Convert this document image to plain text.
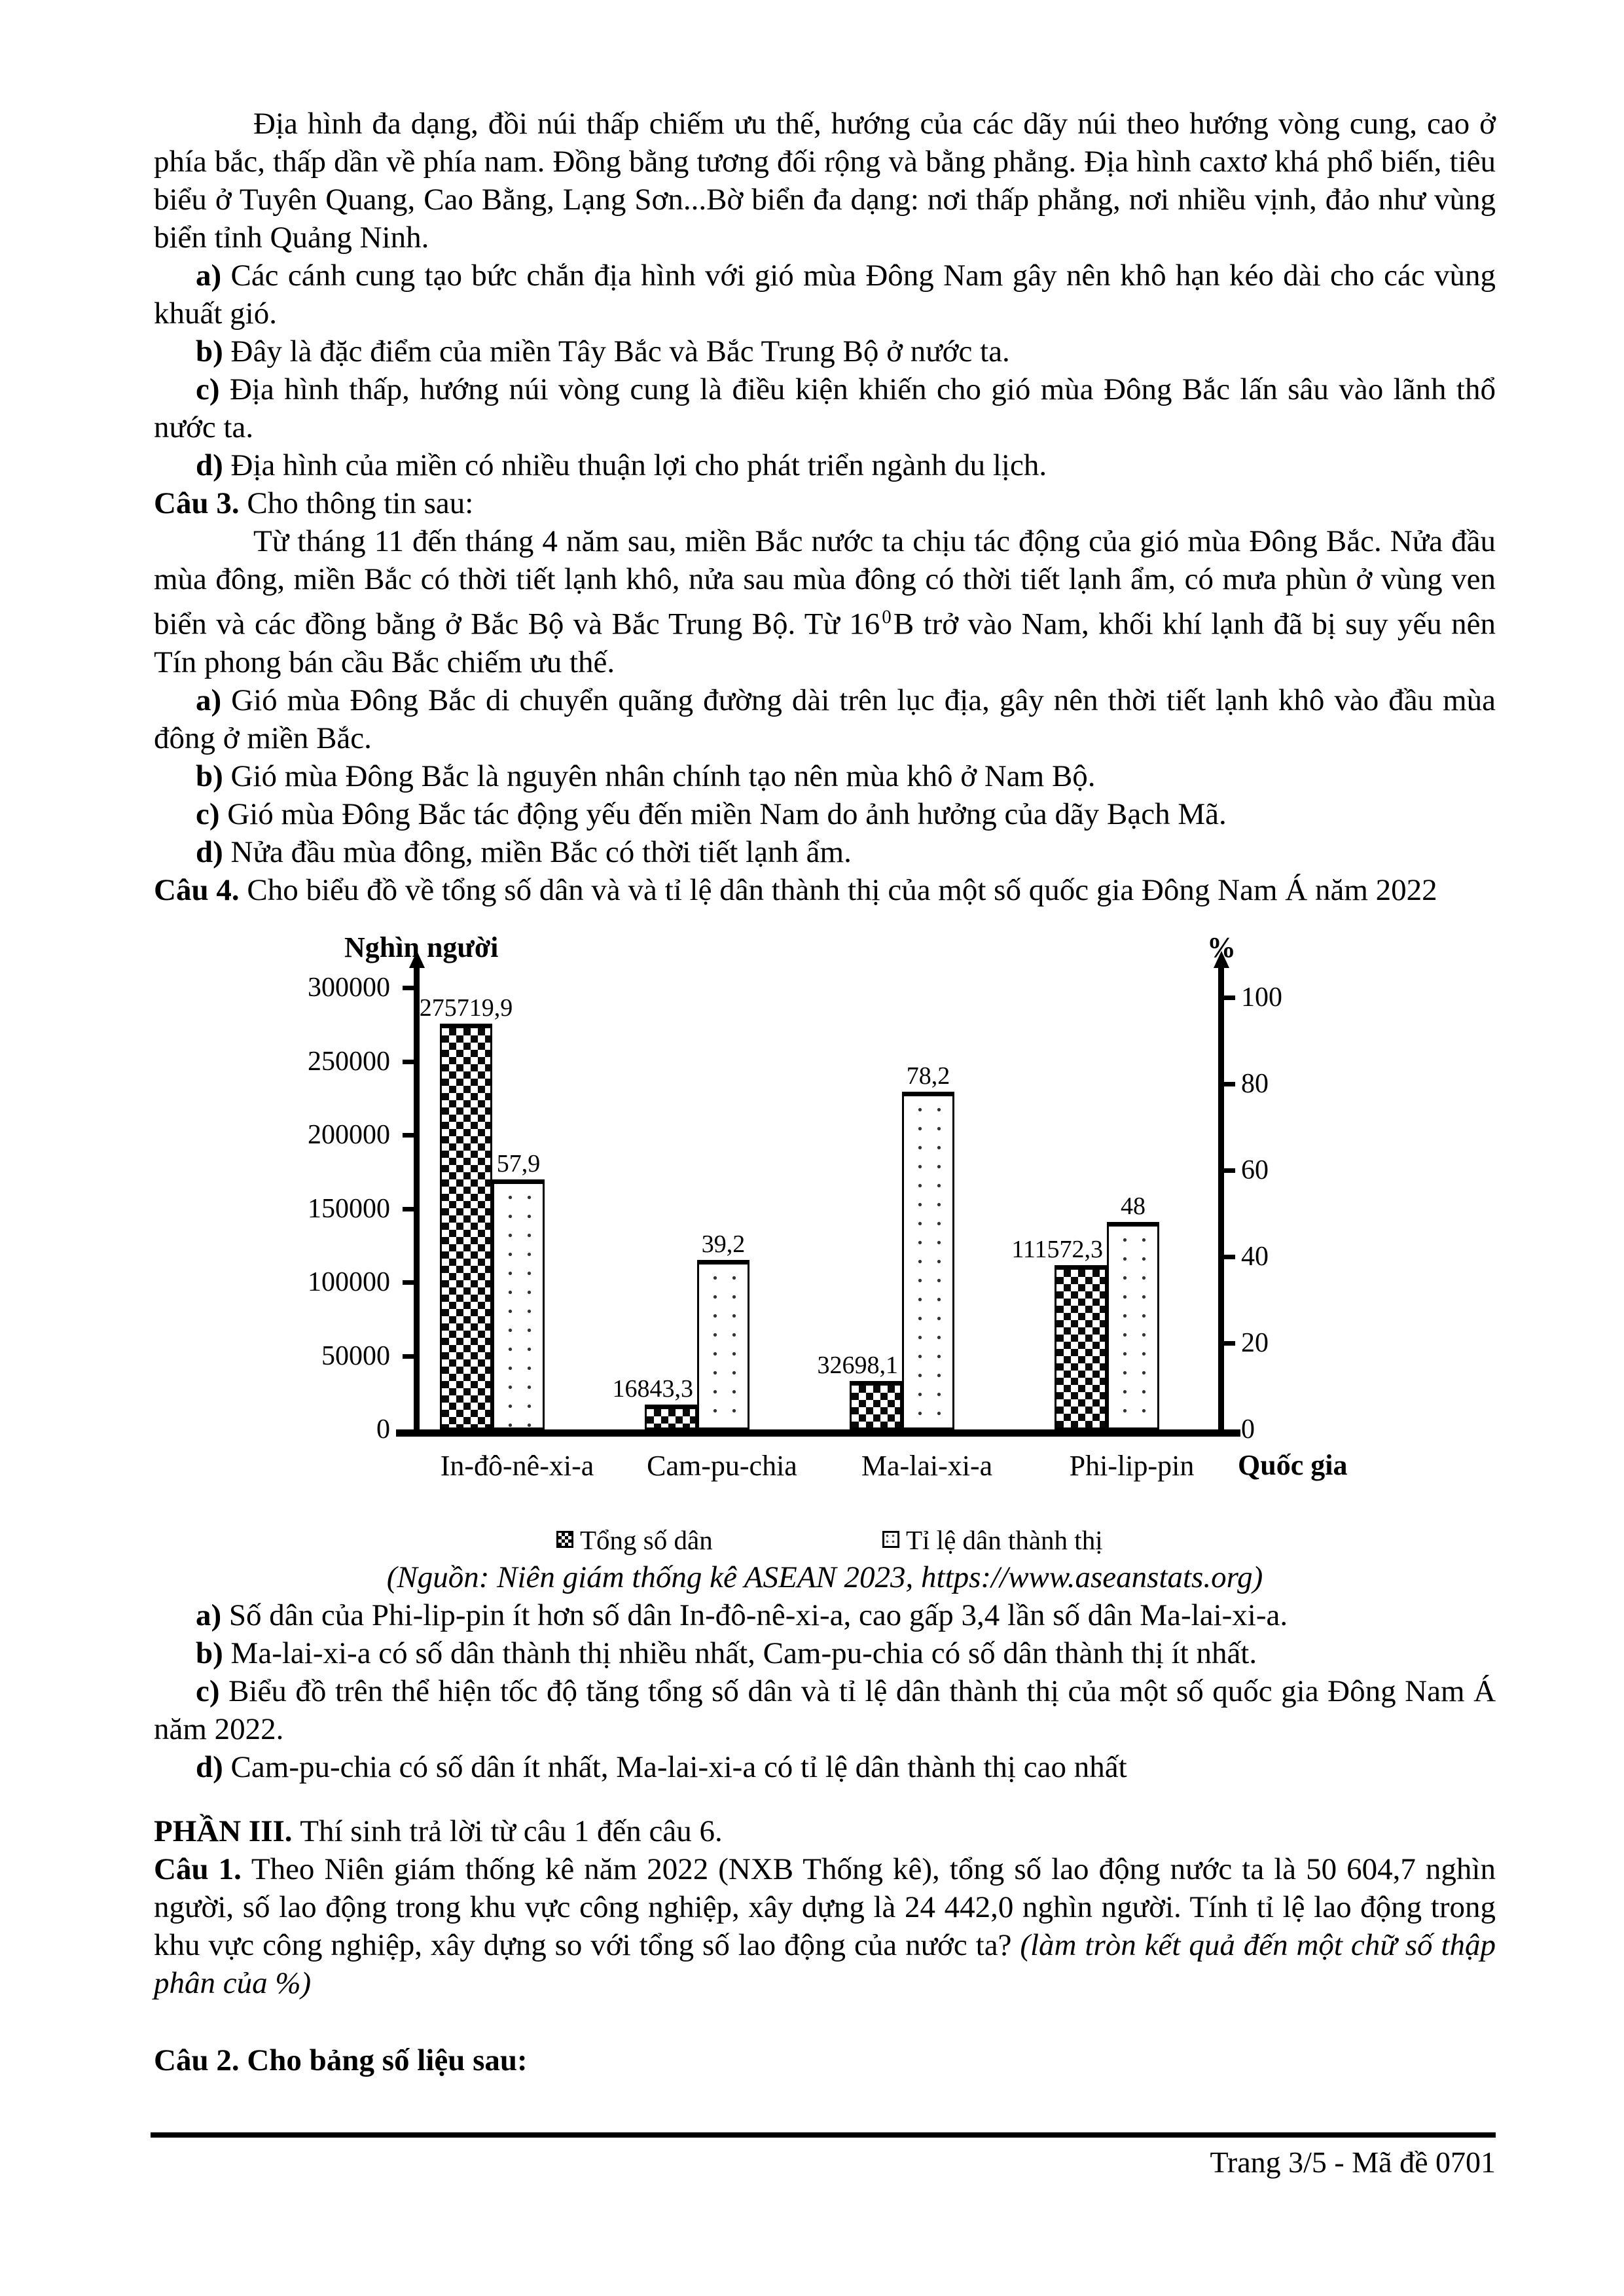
Địa hình đa dạng, đồi núi thấp chiếm ưu thế, hướng của các dãy núi theo hướng vòng cung, cao ở phía bắc, thấp dần về phía nam. Đồng bằng tương đối rộng và bằng phẳng. Địa hình caxtơ khá phổ biến, tiêu biểu ở Tuyên Quang, Cao Bằng, Lạng Sơn...Bờ biển đa dạng: nơi thấp phẳng, nơi nhiều vịnh, đảo như vùng biển tỉnh Quảng Ninh.

a) Các cánh cung tạo bức chắn địa hình với gió mùa Đông Nam gây nên khô hạn kéo dài cho các vùng khuất gió.

b) Đây là đặc điểm của miền Tây Bắc và Bắc Trung Bộ ở nước ta.

c) Địa hình thấp, hướng núi vòng cung là điều kiện khiến cho gió mùa Đông Bắc lấn sâu vào lãnh thổ nước ta.

d) Địa hình của miền có nhiều thuận lợi cho phát triển ngành du lịch.

Câu 3. Cho thông tin sau:

Từ tháng 11 đến tháng 4 năm sau, miền Bắc nước ta chịu tác động của gió mùa Đông Bắc. Nửa đầu mùa đông, miền Bắc có thời tiết lạnh khô, nửa sau mùa đông có thời tiết lạnh ẩm, có mưa phùn ở vùng ven biển và các đồng bằng ở Bắc Bộ và Bắc Trung Bộ. Từ 16 $^0$B trở vào Nam, khối khí lạnh đã bị suy yếu nên Tín phong bán cầu Bắc chiếm ưu thế.

a) Gió mùa Đông Bắc di chuyển quãng đường dài trên lục địa, gây nên thời tiết lạnh khô vào đầu mùa đông ở miền Bắc.

b) Gió mùa Đông Bắc là nguyên nhân chính tạo nên mùa khô ở Nam Bộ.

c) Gió mùa Đông Bắc tác động yếu đến miền Nam do ảnh hưởng của dãy Bạch Mã.

d) Nửa đầu mùa đông, miền Bắc có thời tiết lạnh ẩm.

Câu 4. Cho biểu đồ về tổng số dân và và tỉ lệ dân thành thị của một số quốc gia Đông Nam Á năm 2022

Nghìn người	%
0
50000
100000
150000
200000
250000
300000
0
20
40
60
80
100
275719,9
57,9
In-đô-nê-xi-a
16843,3
39,2
Cam-pu-chia
32698,1
78,2
Ma-lai-xi-a
111572,3
48
Phi-lip-pin	Quốc gia
Tổng số dân	Tỉ lệ dân thành thị

(Nguồn: Niên giám thống kê ASEAN 2023, https://www.aseanstats.org)

a) Số dân của Phi-lip-pin ít hơn số dân In-đô-nê-xi-a, cao gấp 3,4 lần số dân Ma-lai-xi-a.

b) Ma-lai-xi-a có số dân thành thị nhiều nhất, Cam-pu-chia có số dân thành thị ít nhất.

c) Biểu đồ trên thể hiện tốc độ tăng tổng số dân và tỉ lệ dân thành thị của một số quốc gia Đông Nam Á năm 2022.

d) Cam-pu-chia có số dân ít nhất, Ma-lai-xi-a có tỉ lệ dân thành thị cao nhất

PHẦN III. Thí sinh trả lời từ câu 1 đến câu 6.

Câu 1. Theo Niên giám thống kê năm 2022 (NXB Thống kê), tổng số lao động nước ta là 50 604,7 nghìn người, số lao động trong khu vực công nghiệp, xây dựng là 24 442,0 nghìn người. Tính tỉ lệ lao động trong khu vực công nghiệp, xây dựng so với tổng số lao động của nước ta? (làm tròn kết quả đến một chữ số thập phân của %)

Câu 2. Cho bảng số liệu sau:

Trang 3/5 - Mã đề 0701
